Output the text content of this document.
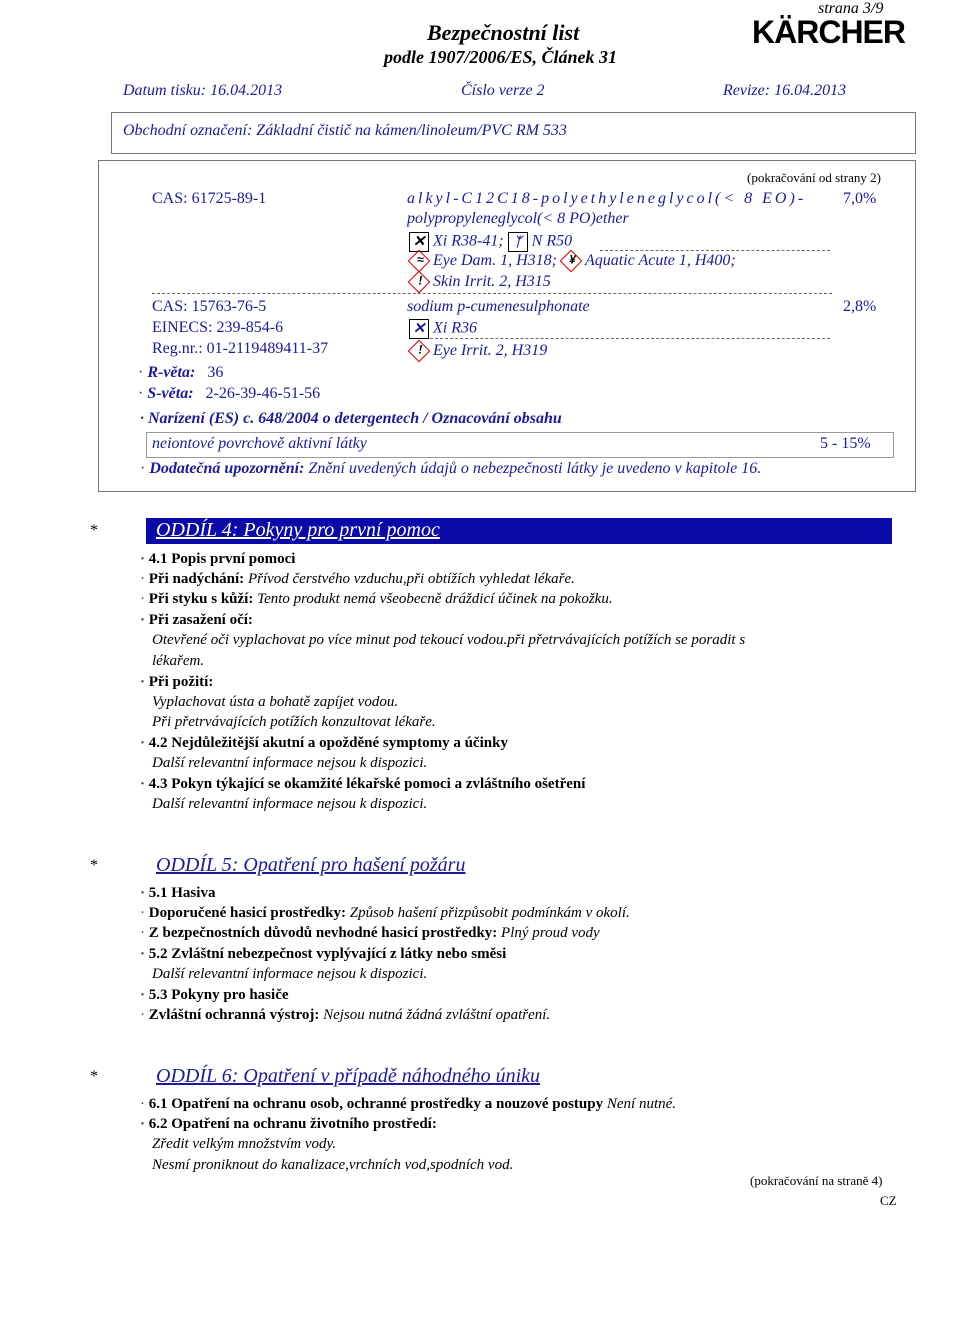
strana 3/9
Bezpečnostní list
podle 1907/2006/ES, Článek 31
KÄRCHER
Datum tisku: 16.04.2013	Číslo verze 2	Revize: 16.04.2013
Obchodní označení: Základní čistič na kámen/linoleum/PVC RM 533
(pokračování od strany 2)
CAS: 61725-89-1	alkyl-C12C18-polyethyleneglycol(< 8 EO)- 7,0%
polypropyleneglycol(< 8 PO)ether
✕ Xi R38-41; ᛉ N R50
≈ Eye Dam. 1, H318;	¥ Aquatic Acute 1, H400;
! Skin Irrit. 2, H315
CAS: 15763-76-5
EINECS: 239-854-6
Reg.nr.: 01-2119489411-37
sodium p-cumenesulphonate	2,8%
✕ Xi R36
! Eye Irrit. 2, H319
· R-věta: 36
· S-věta: 2-26-39-46-51-56
· Narízení (ES) c. 648/2004 o detergentech / Oznacování obsahu
neiontové povrchově aktivní látky	5 - 15%
· Dodatečná upozornění: Znění uvedených údajů o nebezpečnosti látky je uvedeno v kapitole 16.
*	ODDÍL 4: Pokyny pro první pomoc
· 4.1 Popis první pomoci
· Při nadýchání: Přívod čerstvého vzduchu,při obtížích vyhledat lékaře.
· Při styku s kůží: Tento produkt nemá všeobecně dráždicí účinek na pokožku.
· Při zasažení očí:
Otevřené oči vyplachovat po více minut pod tekoucí vodou.při přetrvávajících potížích se poradit s
lékařem.
· Při požití:
Vyplachovat ústa a bohatě zapíjet vodou.
Při přetrvávajících potížích konzultovat lékaře.
· 4.2 Nejdůležitější akutní a opožděné symptomy a účinky
Další relevantní informace nejsou k dispozici.
· 4.3 Pokyn týkající se okamžité lékařské pomoci a zvláštního ošetření
Další relevantní informace nejsou k dispozici.
*	ODDÍL 5: Opatření pro hašení požáru
· 5.1 Hasiva
· Doporučené hasicí prostředky: Způsob hašení přizpůsobit podmínkám v okolí.
· Z bezpečnostních důvodů nevhodné hasicí prostředky: Plný proud vody
· 5.2 Zvláštní nebezpečnost vyplývající z látky nebo směsi
Další relevantní informace nejsou k dispozici.
· 5.3 Pokyny pro hasiče
· Zvláštní ochranná výstroj: Nejsou nutná žádná zvláštní opatření.
*	ODDÍL 6: Opatření v případě náhodného úniku
· 6.1 Opatření na ochranu osob, ochranné prostředky a nouzové postupy Není nutné.
· 6.2 Opatření na ochranu životního prostředí:
Zředit velkým množstvím vody.
Nesmí proniknout do kanalizace,vrchních vod,spodních vod.
(pokračování na straně 4)
CZ
